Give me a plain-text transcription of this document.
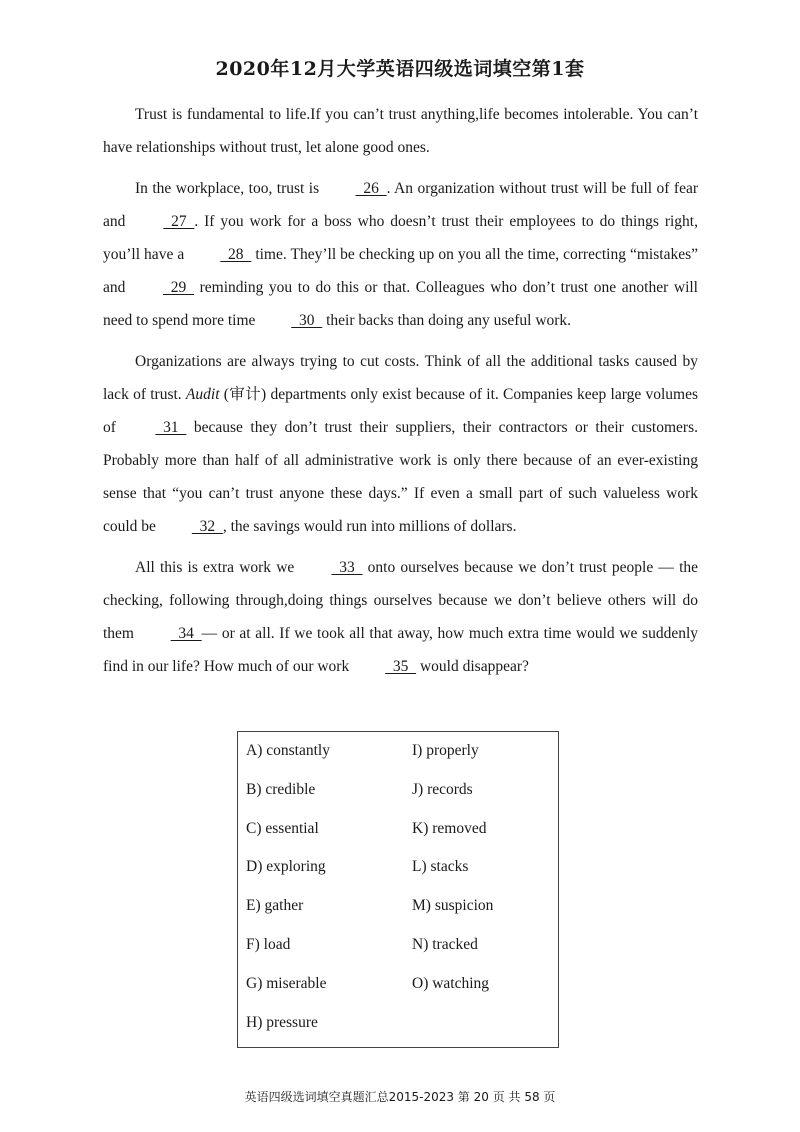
2020年12月大学英语四级选词填空第1套

Trust is fundamental to life.If you can’t trust anything,life becomes intolerable. You can’t have relationships without trust, let alone good ones.

In the workplace, too, trust is   26  . An organization without trust will be full of fear and   27  . If you work for a boss who doesn’t trust their employees to do things right, you’ll have a   28   time. They’ll be checking up on you all the time, correcting “mistakes” and   29   reminding you to do this or that. Colleagues who don’t trust one another will need to spend more time   30   their backs than doing any useful work.

Organizations are always trying to cut costs. Think of all the additional tasks caused by lack of trust. Audit (审计) departments only exist because of it. Companies keep large volumes of   31   because they don’t trust their suppliers, their contractors or their customers. Probably more than half of all administrative work is only there because of an ever-existing sense that “you can’t trust anyone these days.” If even a small part of such valueless work could be   32  , the savings would run into millions of dollars.

All this is extra work we   33   onto ourselves because we don’t trust people — the checking, following through,doing things ourselves because we don’t believe others will do them   34  — or at all. If we took all that away, how much extra time would we suddenly find in our life? How much of our work   35   would disappear?

A) constantly
B) credible
C) essential
D) exploring
E) gather
F) load
G) miserable
H) pressure
I) properly
J) records
K) removed
L) stacks
M) suspicion
N) tracked
O) watching
英语四级选词填空真题汇总2015-2023 第 20 页 共 58 页
